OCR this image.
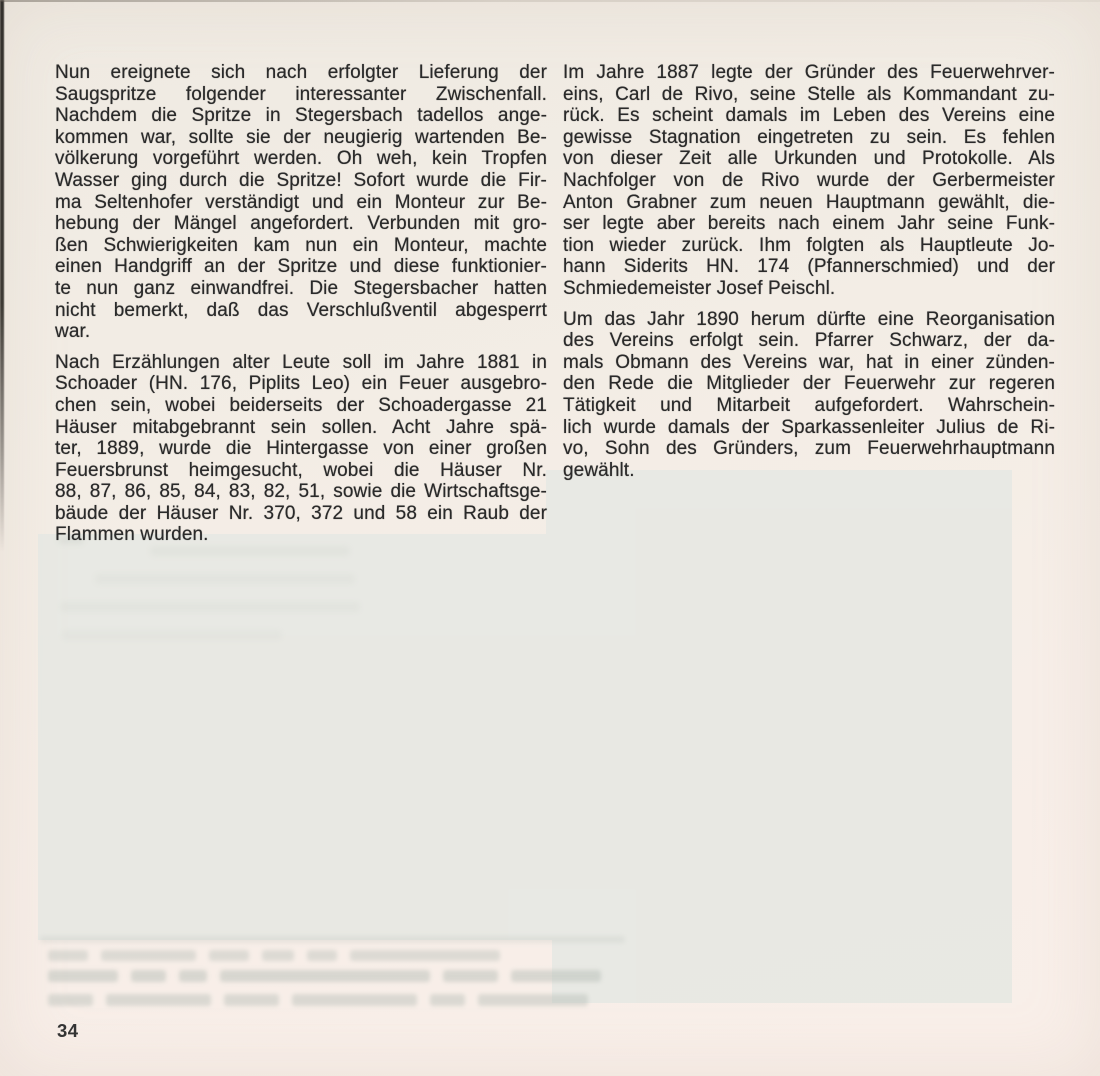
Nun ereignete sich nach erfolgter Lieferung der
Saugspritze folgender interessanter Zwischenfall.
Nachdem die Spritze in Stegersbach tadellos ange-
kommen war, sollte sie der neugierig wartenden Be-
völkerung vorgeführt werden. Oh weh, kein Tropfen
Wasser ging durch die Spritze! Sofort wurde die Fir-
ma Seltenhofer verständigt und ein Monteur zur Be-
hebung der Mängel angefordert. Verbunden mit gro-
ßen Schwierigkeiten kam nun ein Monteur, machte
einen Handgriff an der Spritze und diese funktionier-
te nun ganz einwandfrei. Die Stegersbacher hatten
nicht bemerkt, daß das Verschlußventil abgesperrt
war.
Nach Erzählungen alter Leute soll im Jahre 1881 in
Schoader (HN. 176, Piplits Leo) ein Feuer ausgebro-
chen sein, wobei beiderseits der Schoadergasse 21
Häuser mitabgebrannt sein sollen. Acht Jahre spä-
ter, 1889, wurde die Hintergasse von einer großen
Feuersbrunst heimgesucht, wobei die Häuser Nr.
88, 87, 86, 85, 84, 83, 82, 51, sowie die Wirtschaftsge-
bäude der Häuser Nr. 370, 372 und 58 ein Raub der
Flammen wurden.
Im Jahre 1887 legte der Gründer des Feuerwehrver-
eins, Carl de Rivo, seine Stelle als Kommandant zu-
rück. Es scheint damals im Leben des Vereins eine
gewisse Stagnation eingetreten zu sein. Es fehlen
von dieser Zeit alle Urkunden und Protokolle. Als
Nachfolger von de Rivo wurde der Gerbermeister
Anton Grabner zum neuen Hauptmann gewählt, die-
ser legte aber bereits nach einem Jahr seine Funk-
tion wieder zurück. Ihm folgten als Hauptleute Jo-
hann Siderits HN. 174 (Pfannerschmied) und der
Schmiedemeister Josef Peischl.
Um das Jahr 1890 herum dürfte eine Reorganisation
des Vereins erfolgt sein. Pfarrer Schwarz, der da-
mals Obmann des Vereins war, hat in einer zünden-
den Rede die Mitglieder der Feuerwehr zur regeren
Tätigkeit und Mitarbeit aufgefordert. Wahrschein-
lich wurde damals der Sparkassenleiter Julius de Ri-
vo, Sohn des Gründers, zum Feuerwehrhauptmann
gewählt.
34
